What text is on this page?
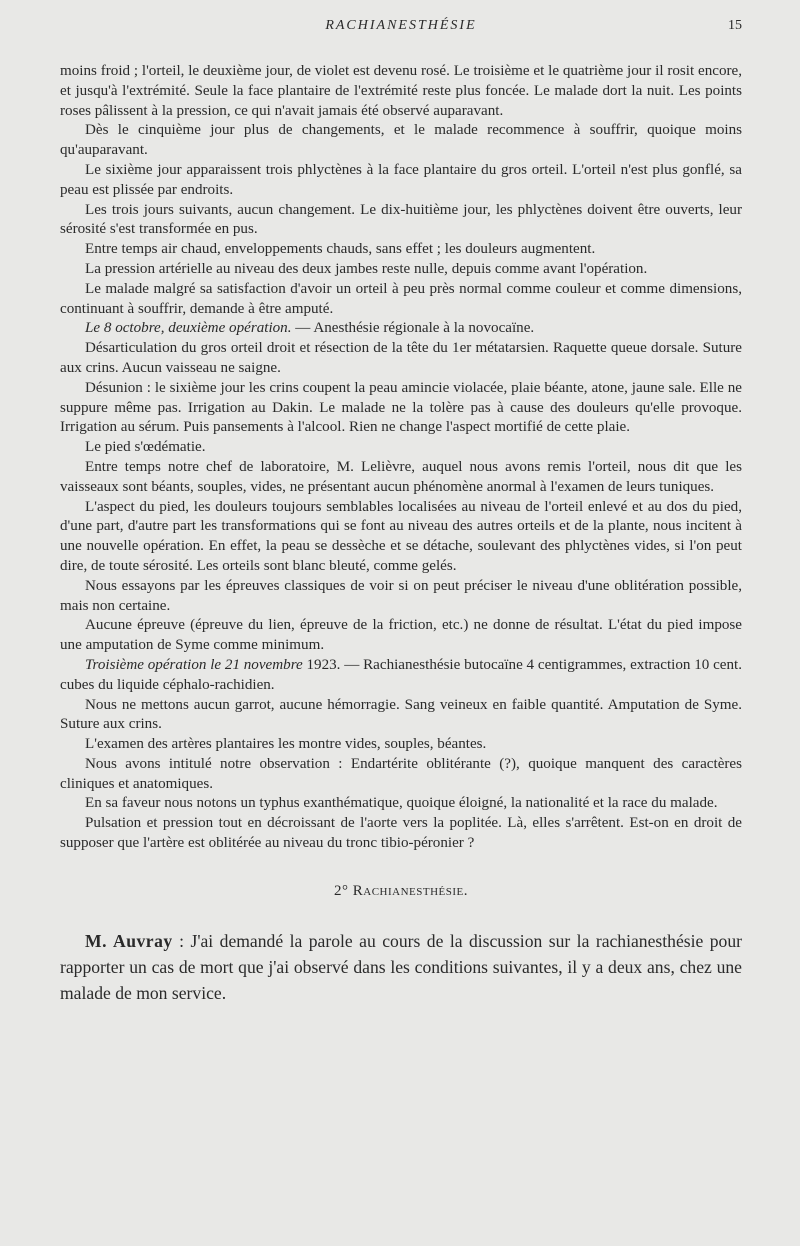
RACHIANESTHÉSIE	15

moins froid ; l'orteil, le deuxième jour, de violet est devenu rosé. Le troisième et le quatrième jour il rosit encore, et jusqu'à l'extrémité. Seule la face plantaire de l'extrémité reste plus foncée. Le malade dort la nuit. Les points roses pâlissent à la pression, ce qui n'avait jamais été observé auparavant.

Dès le cinquième jour plus de changements, et le malade recommence à souffrir, quoique moins qu'auparavant.

Le sixième jour apparaissent trois phlyctènes à la face plantaire du gros orteil. L'orteil n'est plus gonflé, sa peau est plissée par endroits.

Les trois jours suivants, aucun changement. Le dix-huitième jour, les phlyctènes doivent être ouverts, leur sérosité s'est transformée en pus.

Entre temps air chaud, enveloppements chauds, sans effet ; les douleurs augmentent.

La pression artérielle au niveau des deux jambes reste nulle, depuis comme avant l'opération.

Le malade malgré sa satisfaction d'avoir un orteil à peu près normal comme couleur et comme dimensions, continuant à souffrir, demande à être amputé.

Le 8 octobre, deuxième opération. — Anesthésie régionale à la novocaïne.

Désarticulation du gros orteil droit et résection de la tête du 1er métatarsien. Raquette queue dorsale. Suture aux crins. Aucun vaisseau ne saigne.

Désunion : le sixième jour les crins coupent la peau amincie violacée, plaie béante, atone, jaune sale. Elle ne suppure même pas. Irrigation au Dakin. Le malade ne la tolère pas à cause des douleurs qu'elle provoque. Irrigation au sérum. Puis pansements à l'alcool. Rien ne change l'aspect mortifié de cette plaie.

Le pied s'œdématie.

Entre temps notre chef de laboratoire, M. Lelièvre, auquel nous avons remis l'orteil, nous dit que les vaisseaux sont béants, souples, vides, ne présentant aucun phénomène anormal à l'examen de leurs tuniques.

L'aspect du pied, les douleurs toujours semblables localisées au niveau de l'orteil enlevé et au dos du pied, d'une part, d'autre part les transformations qui se font au niveau des autres orteils et de la plante, nous incitent à une nouvelle opération. En effet, la peau se dessèche et se détache, soulevant des phlyctènes vides, si l'on peut dire, de toute sérosité. Les orteils sont blanc bleuté, comme gelés.

Nous essayons par les épreuves classiques de voir si on peut préciser le niveau d'une oblitération possible, mais non certaine.

Aucune épreuve (épreuve du lien, épreuve de la friction, etc.) ne donne de résultat. L'état du pied impose une amputation de Syme comme minimum.

Troisième opération le 21 novembre 1923. — Rachianesthésie butocaïne 4 centigrammes, extraction 10 cent. cubes du liquide céphalo-rachidien.

Nous ne mettons aucun garrot, aucune hémorragie. Sang veineux en faible quantité. Amputation de Syme. Suture aux crins.

L'examen des artères plantaires les montre vides, souples, béantes.

Nous avons intitulé notre observation : Endartérite oblitérante (?), quoique manquent des caractères cliniques et anatomiques.

En sa faveur nous notons un typhus exanthématique, quoique éloigné, la nationalité et la race du malade.

Pulsation et pression tout en décroissant de l'aorte vers la poplitée. Là, elles s'arrêtent. Est-on en droit de supposer que l'artère est oblitérée au niveau du tronc tibio-péronier ?

2° Rachianesthésie.

M. Auvray : J'ai demandé la parole au cours de la discussion sur la rachianesthésie pour rapporter un cas de mort que j'ai observé dans les conditions suivantes, il y a deux ans, chez une malade de mon service.
